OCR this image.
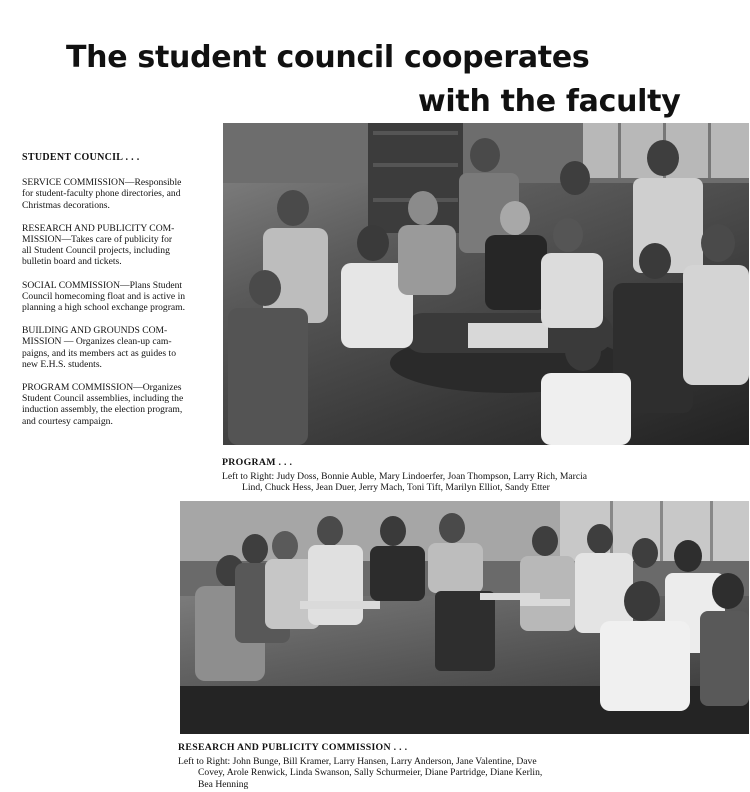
The student council cooperates
with the faculty

STUDENT COUNCIL . . .

SERVICE COMMISSION—Responsible
for student-faculty phone directories, and
Christmas decorations.

RESEARCH AND PUBLICITY COM-
MISSION—Takes care of publicity for
all Student Council projects, including
bulletin board and tickets.

SOCIAL COMMISSION—Plans Student
Council homecoming float and is active in
planning a high school exchange program.

BUILDING AND GROUNDS COM-
MISSION — Organizes clean-up cam-
paigns, and its members act as guides to
new E.H.S. students.

PROGRAM COMMISSION—Organizes
Student Council assemblies, including the
induction assembly, the election program,
and courtesy campaign.

PROGRAM . . .

Left to Right: Judy Doss, Bonnie Auble, Mary Lindoerfer, Joan Thompson, Larry Rich, Marcia

Lind, Chuck Hess, Jean Duer, Jerry Mach, Toni Tift, Marilyn Elliot, Sandy Etter

RESEARCH AND PUBLICITY COMMISSION . . .

Left to Right: John Bunge, Bill Kramer, Larry Hansen, Larry Anderson, Jane Valentine, Dave

Covey, Arole Renwick, Linda Swanson, Sally Schurmeier, Diane Partridge, Diane Kerlin,

Bea Henning
